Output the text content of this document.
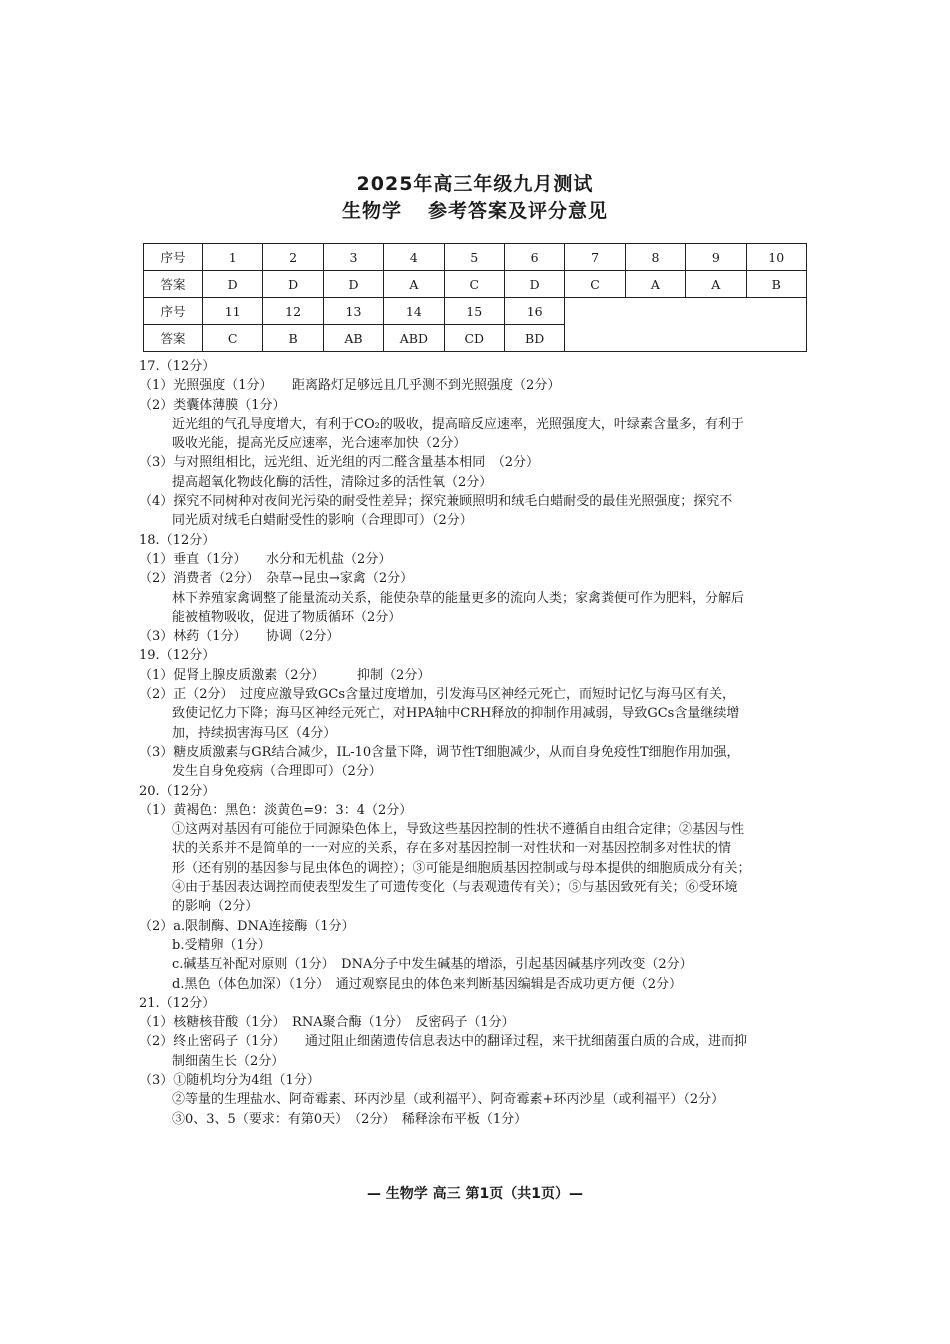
2025年高三年级九月测试
生物学 参考答案及评分意见
序号	1	2	3	4	5	6	7	8	9	10
答案	D	D	D	A	C	D	C	A	A	B
序号	11	12	13	14	15	16				
答案	C	B	AB	ABD	CD	BD				

17.（12分）

（1）光照强度（1分）　　距离路灯足够远且几乎测不到光照强度（2分）

（2）类囊体薄膜（1分）

近光组的气孔导度增大，有利于CO₂的吸收，提高暗反应速率，光照强度大，叶绿素含量多，有利于

吸收光能，提高光反应速率，光合速率加快（2分）

（3）与对照组相比，远光组、近光组的丙二醛含量基本相同　（2分）

提高超氧化物歧化酶的活性，清除过多的活性氧（2分）

（4）探究不同树种对夜间光污染的耐受性差异；探究兼顾照明和绒毛白蜡耐受的最佳光照强度；探究不

同光质对绒毛白蜡耐受性的影响（合理即可）（2分）

18.（12分）

（1）垂直（1分）　　水分和无机盐（2分）

（2）消费者（2分）　杂草→昆虫→家禽（2分）

林下养殖家禽调整了能量流动关系，能使杂草的能量更多的流向人类；家禽粪便可作为肥料，分解后

能被植物吸收，促进了物质循环（2分）

（3）林药（1分）　　协调（2分）

19.（12分）

（1）促肾上腺皮质激素（2分）　　　抑制（2分）

（2）正（2分）　过度应激导致GCs含量过度增加，引发海马区神经元死亡，而短时记忆与海马区有关，

致使记忆力下降；海马区神经元死亡，对HPA轴中CRH释放的抑制作用减弱，导致GCs含量继续增

加，持续损害海马区（4分）

（3）糖皮质激素与GR结合减少，IL-10含量下降，调节性T细胞减少，从而自身免疫性T细胞作用加强，

发生自身免疫病（合理即可）（2分）

20.（12分）

（1）黄褐色：黑色：淡黄色=9：3：4（2分）

①这两对基因有可能位于同源染色体上，导致这些基因控制的性状不遵循自由组合定律；②基因与性

状的关系并不是简单的一一对应的关系，存在多对基因控制一对性状和一对基因控制多对性状的情

形（还有别的基因参与昆虫体色的调控）；③可能是细胞质基因控制或与母本提供的细胞质成分有关；

④由于基因表达调控而使表型发生了可遗传变化（与表观遗传有关）；⑤与基因致死有关；⑥受环境

的影响（2分）

（2）a.限制酶、DNA连接酶（1分）

b.受精卵（1分）

c.碱基互补配对原则（1分）　DNA分子中发生碱基的增添，引起基因碱基序列改变（2分）

d.黑色（体色加深）（1分）　通过观察昆虫的体色来判断基因编辑是否成功更方便（2分）

21.（12分）

（1）核糖核苷酸（1分）　RNA聚合酶（1分）　反密码子（1分）

（2）终止密码子（1分）　　通过阻止细菌遗传信息表达中的翻译过程，来干扰细菌蛋白质的合成，进而抑

制细菌生长（2分）

（3）①随机均分为4组（1分）

②等量的生理盐水、阿奇霉素、环丙沙星（或利福平）、阿奇霉素+环丙沙星（或利福平）（2分）

③0、3、5（要求：有第0天）　（2分）　稀释涂布平板（1分）

— 生物学 高三 第1页（共1页）—
